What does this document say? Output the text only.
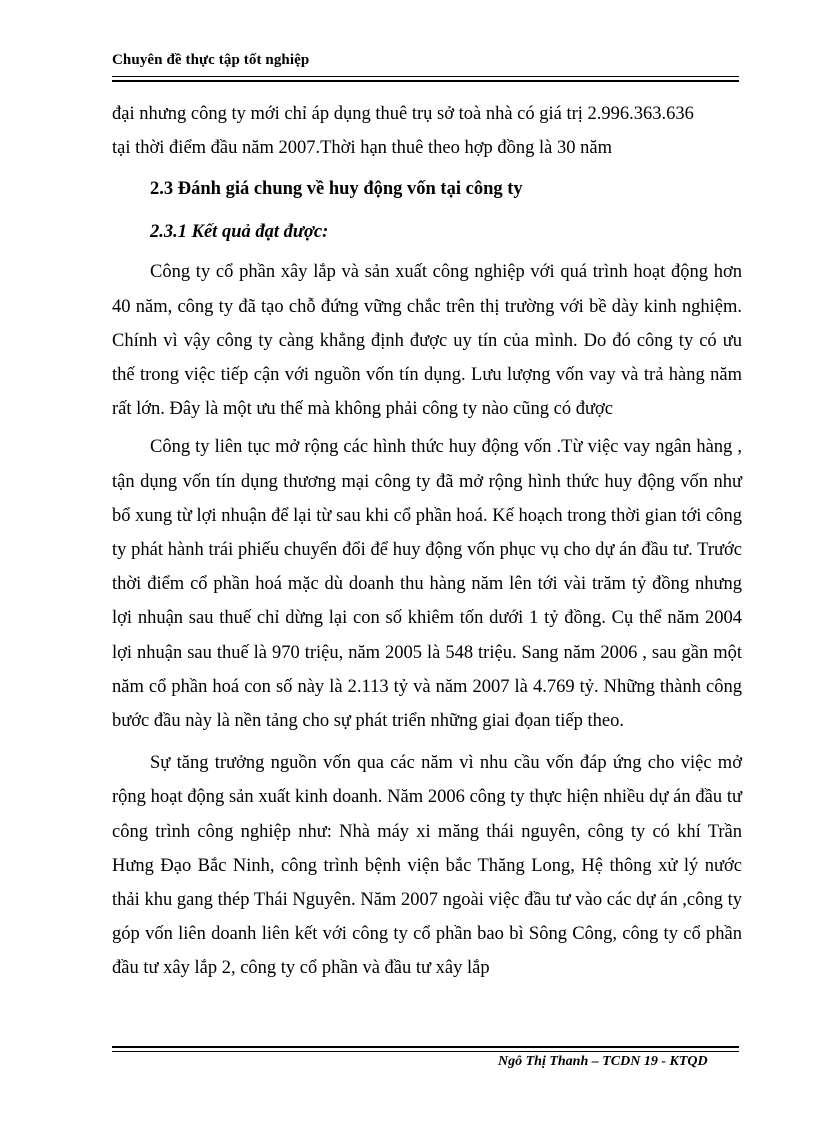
Chuyên đề thực tập tốt nghiệp

đại nhưng công ty mới chỉ áp dụng thuê trụ sở toà nhà có giá trị 2.996.363.636

tại thời điểm đầu năm 2007.Thời hạn thuê theo hợp đồng là 30 năm

2.3 Đánh giá chung về huy động vốn tại công ty

2.3.1 Kết quả đạt được:

Công ty cổ phần xây lắp và sản xuất công nghiệp với quá trình hoạt động hơn 40 năm, công ty đã tạo chỗ đứng vững chắc trên thị trường với bề dày kinh nghiệm. Chính vì vậy công ty càng khẳng định được uy tín của mình. Do đó công ty có ưu thế trong việc tiếp cận với nguồn vốn tín dụng. Lưu lượng vốn vay và trả hàng năm rất lớn. Đây là một ưu thế mà không phải công ty nào cũng có được

Công ty liên tục mở rộng các hình thức huy động vốn .Từ việc vay ngân hàng , tận dụng vốn tín dụng thương mại công ty đã mở rộng hình thức huy động vốn như bổ xung từ lợi nhuận để lại từ sau khi cổ phần hoá. Kế hoạch trong thời gian tới công ty phát hành trái phiếu chuyển đổi để huy động vốn phục vụ cho dự án đầu tư. Trước thời điểm cổ phần hoá mặc dù doanh thu hàng năm lên tới vài trăm tỷ đồng nhưng lợi nhuận sau thuế chỉ dừng lại con số khiêm tốn dưới 1 tỷ đồng. Cụ thể năm 2004 lợi nhuận sau thuế là 970 triệu, năm 2005 là 548 triệu. Sang năm 2006 , sau gần một năm cổ phần hoá con số này là 2.113 tỷ và năm 2007 là 4.769 tỷ. Những thành công bước đầu này là nền tảng cho sự phát triển những giai đọan tiếp theo.

Sự tăng trưởng nguồn vốn qua các năm vì nhu cầu vốn đáp ứng cho việc mở rộng hoạt động sản xuất kinh doanh. Năm 2006 công ty thực hiện nhiều dự án đầu tư công trình công nghiệp như: Nhà máy xi măng thái nguyên, công ty có khí Trần Hưng Đạo Bắc Ninh, công trình bệnh viện bắc Thăng Long, Hệ thông xử lý nước thải khu gang thép Thái Nguyên. Năm 2007 ngoài việc đầu tư vào các dự án ,công ty góp vốn liên doanh liên kết với công ty cổ phần bao bì Sông Công, công ty cổ phần đầu tư xây lắp 2, công ty cổ phần và đầu tư xây lắp

Ngô Thị Thanh – TCDN 19 - KTQD
